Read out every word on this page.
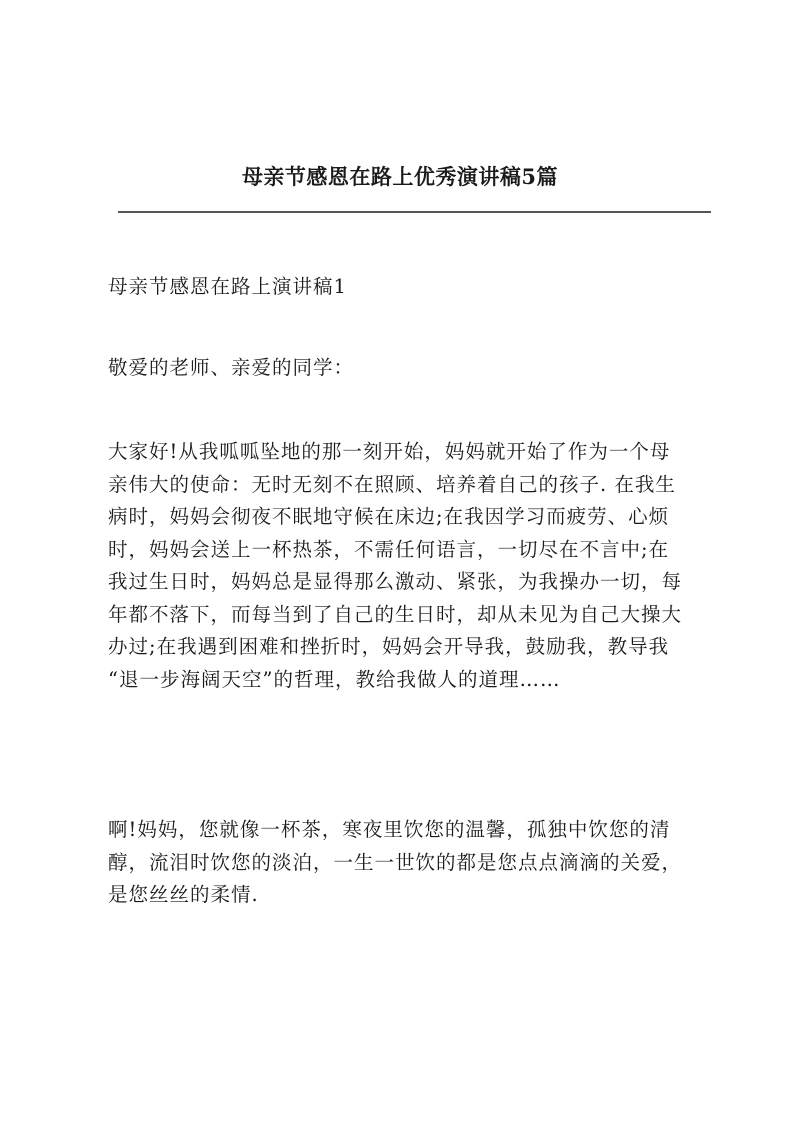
母亲节感恩在路上优秀演讲稿5篇
母亲节感恩在路上演讲稿1
敬爱的老师、亲爱的同学：
大家好!从我呱呱坠地的那一刻开始，妈妈就开始了作为一个母
亲伟大的使命：无时无刻不在照顾、培养着自己的孩子. 在我生
病时，妈妈会彻夜不眠地守候在床边;在我因学习而疲劳、心烦
时，妈妈会送上一杯热茶，不需任何语言，一切尽在不言中;在
我过生日时，妈妈总是显得那么激动、紧张，为我操办一切，每
年都不落下，而每当到了自己的生日时，却从未见为自己大操大
办过;在我遇到困难和挫折时，妈妈会开导我，鼓励我，教导我
“退一步海阔天空”的哲理，教给我做人的道理……
啊!妈妈，您就像一杯茶，寒夜里饮您的温馨，孤独中饮您的清
醇，流泪时饮您的淡泊，一生一世饮的都是您点点滴滴的关爱，
是您丝丝的柔情.
